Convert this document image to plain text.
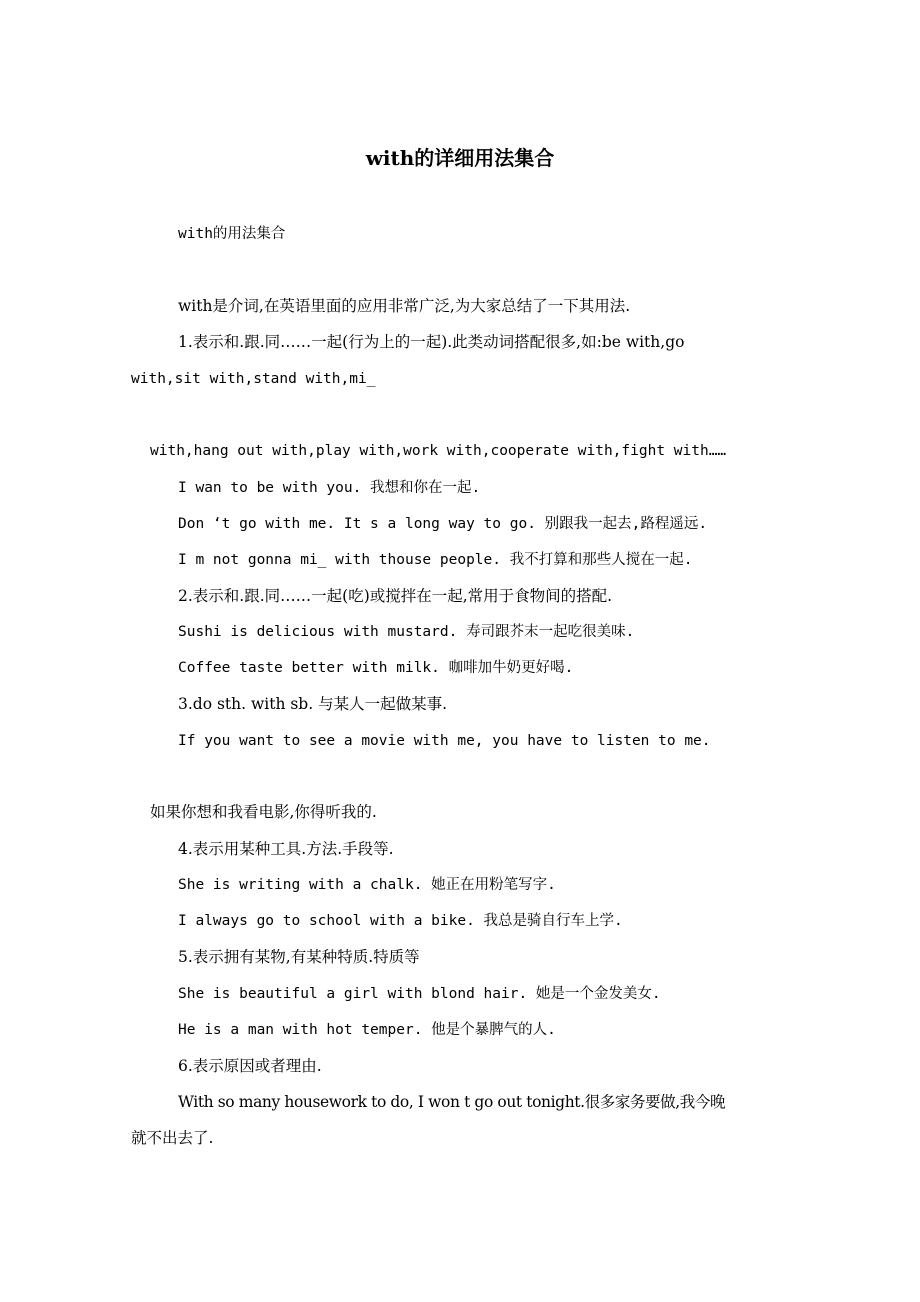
with的详细用法集合
with的用法集合
with是介词,在英语里面的应用非常广泛,为大家总结了一下其用法.
1.表示和.跟.同……一起(行为上的一起).此类动词搭配很多,如:be with,go
with,sit with,stand with,mi_
with,hang out with,play with,work with,cooperate with,fight with……
I wan to be with you. 我想和你在一起.
Don ‘t go with me. It s a long way to go. 别跟我一起去,路程遥远.
I m not gonna mi_ with thouse people. 我不打算和那些人搅在一起.
2.表示和.跟.同……一起(吃)或搅拌在一起,常用于食物间的搭配.
Sushi is delicious with mustard. 寿司跟芥末一起吃很美味.
Coffee taste better with milk. 咖啡加牛奶更好喝.
3.do sth. with sb. 与某人一起做某事.
If you want to see a movie with me, you have to listen to me.
如果你想和我看电影,你得听我的.
4.表示用某种工具.方法.手段等.
She is writing with a chalk. 她正在用粉笔写字.
I always go to school with a bike. 我总是骑自行车上学.
5.表示拥有某物,有某种特质.特质等
She is beautiful a girl with blond hair. 她是一个金发美女.
He is a man with hot temper. 他是个暴脾气的人.
6.表示原因或者理由.
With so many housework to do, I won t go out tonight.很多家务要做,我今晚
就不出去了.
